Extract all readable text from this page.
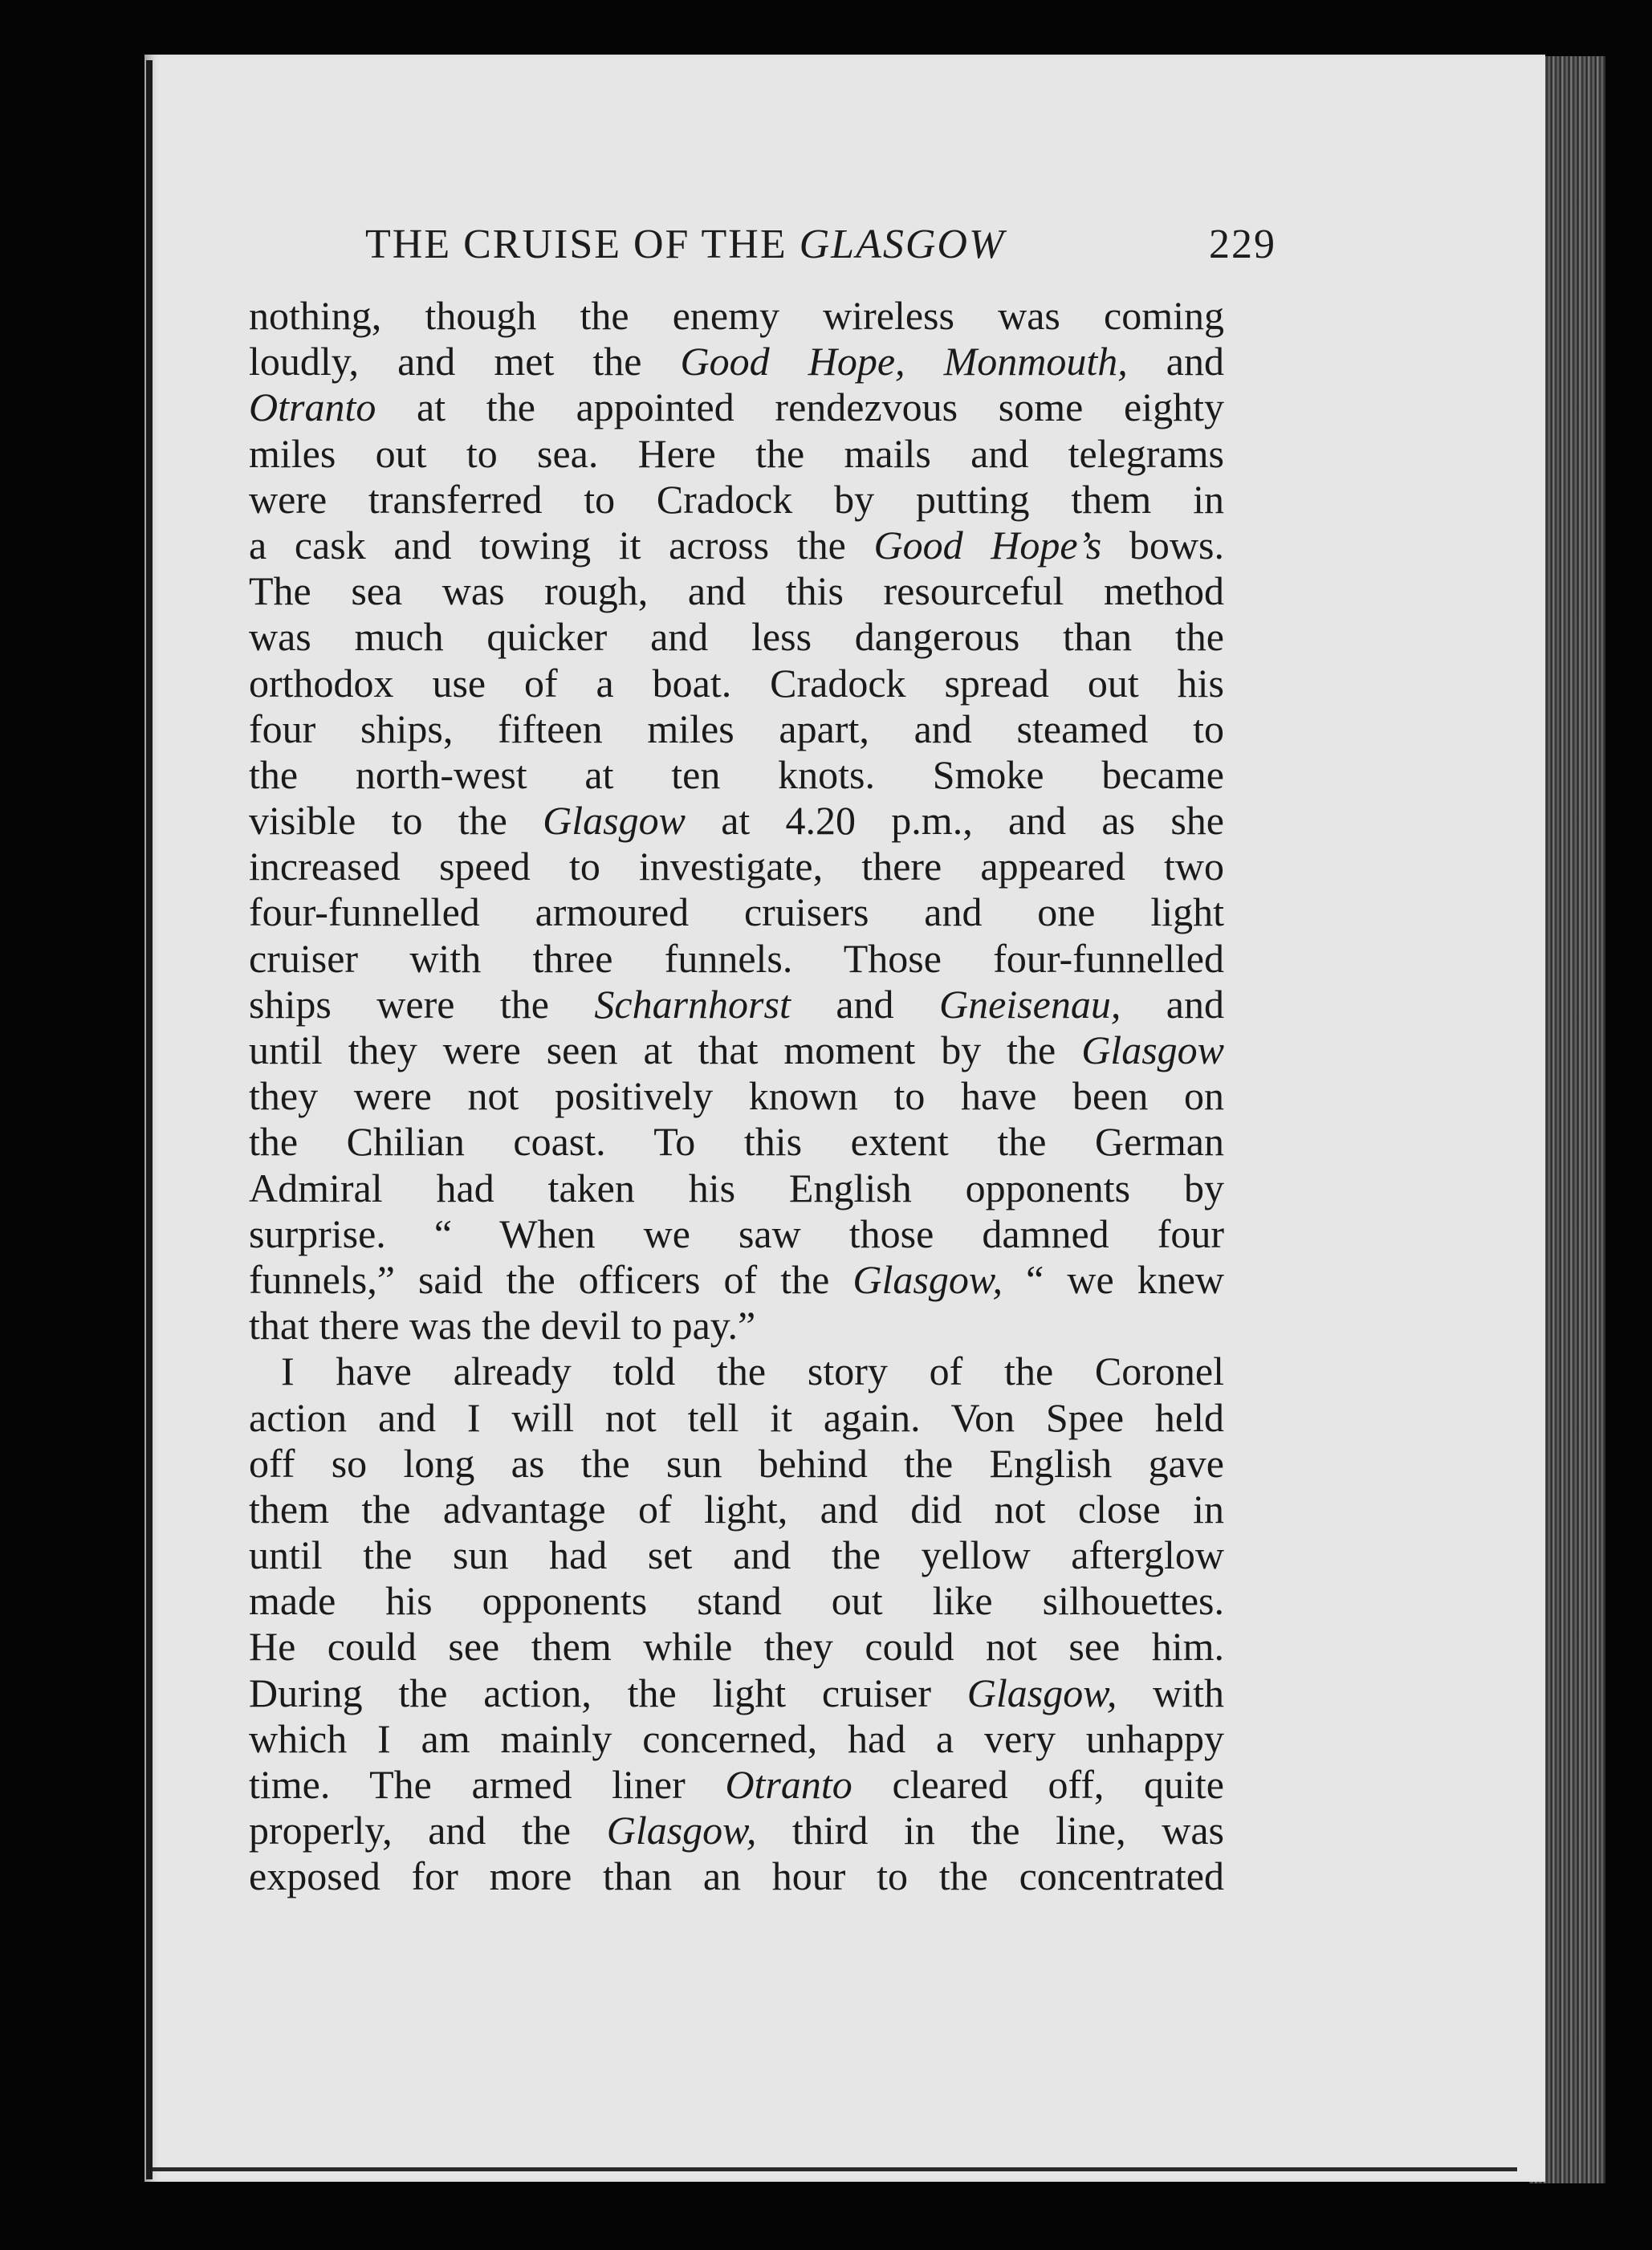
THE CRUISE OF THE GLASGOW	229
nothing, though the enemy wireless was coming
loudly, and met the Good Hope, Monmouth, and
Otranto at the appointed rendezvous some eighty
miles out to sea. Here the mails and telegrams
were transferred to Cradock by putting them in
a cask and towing it across the Good Hope’s bows.
The sea was rough, and this resourceful method
was much quicker and less dangerous than the
orthodox use of a boat. Cradock spread out his
four ships, fifteen miles apart, and steamed to
the north-west at ten knots. Smoke became
visible to the Glasgow at 4.20 p.m., and as she
increased speed to investigate, there appeared two
four-funnelled armoured cruisers and one light
cruiser with three funnels. Those four-funnelled
ships were the Scharnhorst and Gneisenau, and
until they were seen at that moment by the Glasgow
they were not positively known to have been on
the Chilian coast. To this extent the German
Admiral had taken his English opponents by
surprise. “ When we saw those damned four
funnels,” said the officers of the Glasgow, “ we knew
that there was the devil to pay.”
I have already told the story of the Coronel
action and I will not tell it again. Von Spee held
off so long as the sun behind the English gave
them the advantage of light, and did not close in
until the sun had set and the yellow afterglow
made his opponents stand out like silhouettes.
He could see them while they could not see him.
During the action, the light cruiser Glasgow, with
which I am mainly concerned, had a very unhappy
time. The armed liner Otranto cleared off, quite
properly, and the Glasgow, third in the line, was
exposed for more than an hour to the concentrated
